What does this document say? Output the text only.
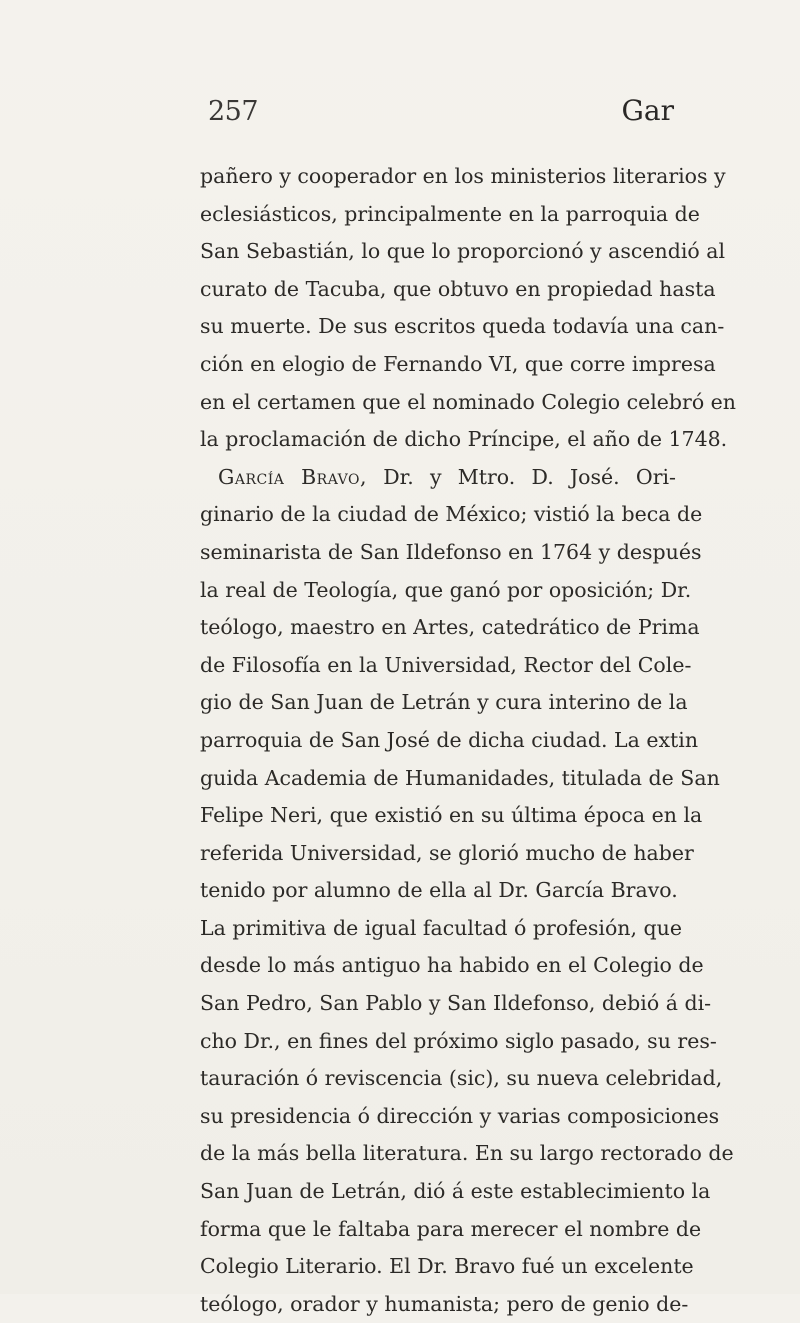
257	Gar
pañero y cooperador en los ministerios literarios y
eclesiásticos, principalmente en la parroquia de
San Sebastián, lo que lo proporcionó y ascendió al
curato de Tacuba, que obtuvo en propiedad hasta
su muerte. De sus escritos queda todavía una can-
ción en elogio de Fernando VI, que corre impresa
en el certamen que el nominado Colegio celebró en
la proclamación de dicho Príncipe, el año de 1748.
García Bravo, Dr. y Mtro. D. José. Ori-
ginario de la ciudad de México; vistió la beca de
seminarista de San Ildefonso en 1764 y después
la real de Teología, que ganó por oposición; Dr.
teólogo, maestro en Artes, catedrático de Prima
de Filosofía en la Universidad, Rector del Cole-
gio de San Juan de Letrán y cura interino de la
parroquia de San José de dicha ciudad. La extin
guida Academia de Humanidades, titulada de San
Felipe Neri, que existió en su última época en la
referida Universidad, se glorió mucho de haber
tenido por alumno de ella al Dr. García Bravo.
La primitiva de igual facultad ó profesión, que
desde lo más antiguo ha habido en el Colegio de
San Pedro, San Pablo y San Ildefonso, debió á di-
cho Dr., en fines del próximo siglo pasado, su res-
tauración ó reviscencia (sic), su nueva celebridad,
su presidencia ó dirección y varias composiciones
de la más bella literatura. En su largo rectorado de
San Juan de Letrán, dió á este establecimiento la
forma que le faltaba para merecer el nombre de
Colegio Literario. El Dr. Bravo fué un excelente
teólogo, orador y humanista; pero de genio de-
